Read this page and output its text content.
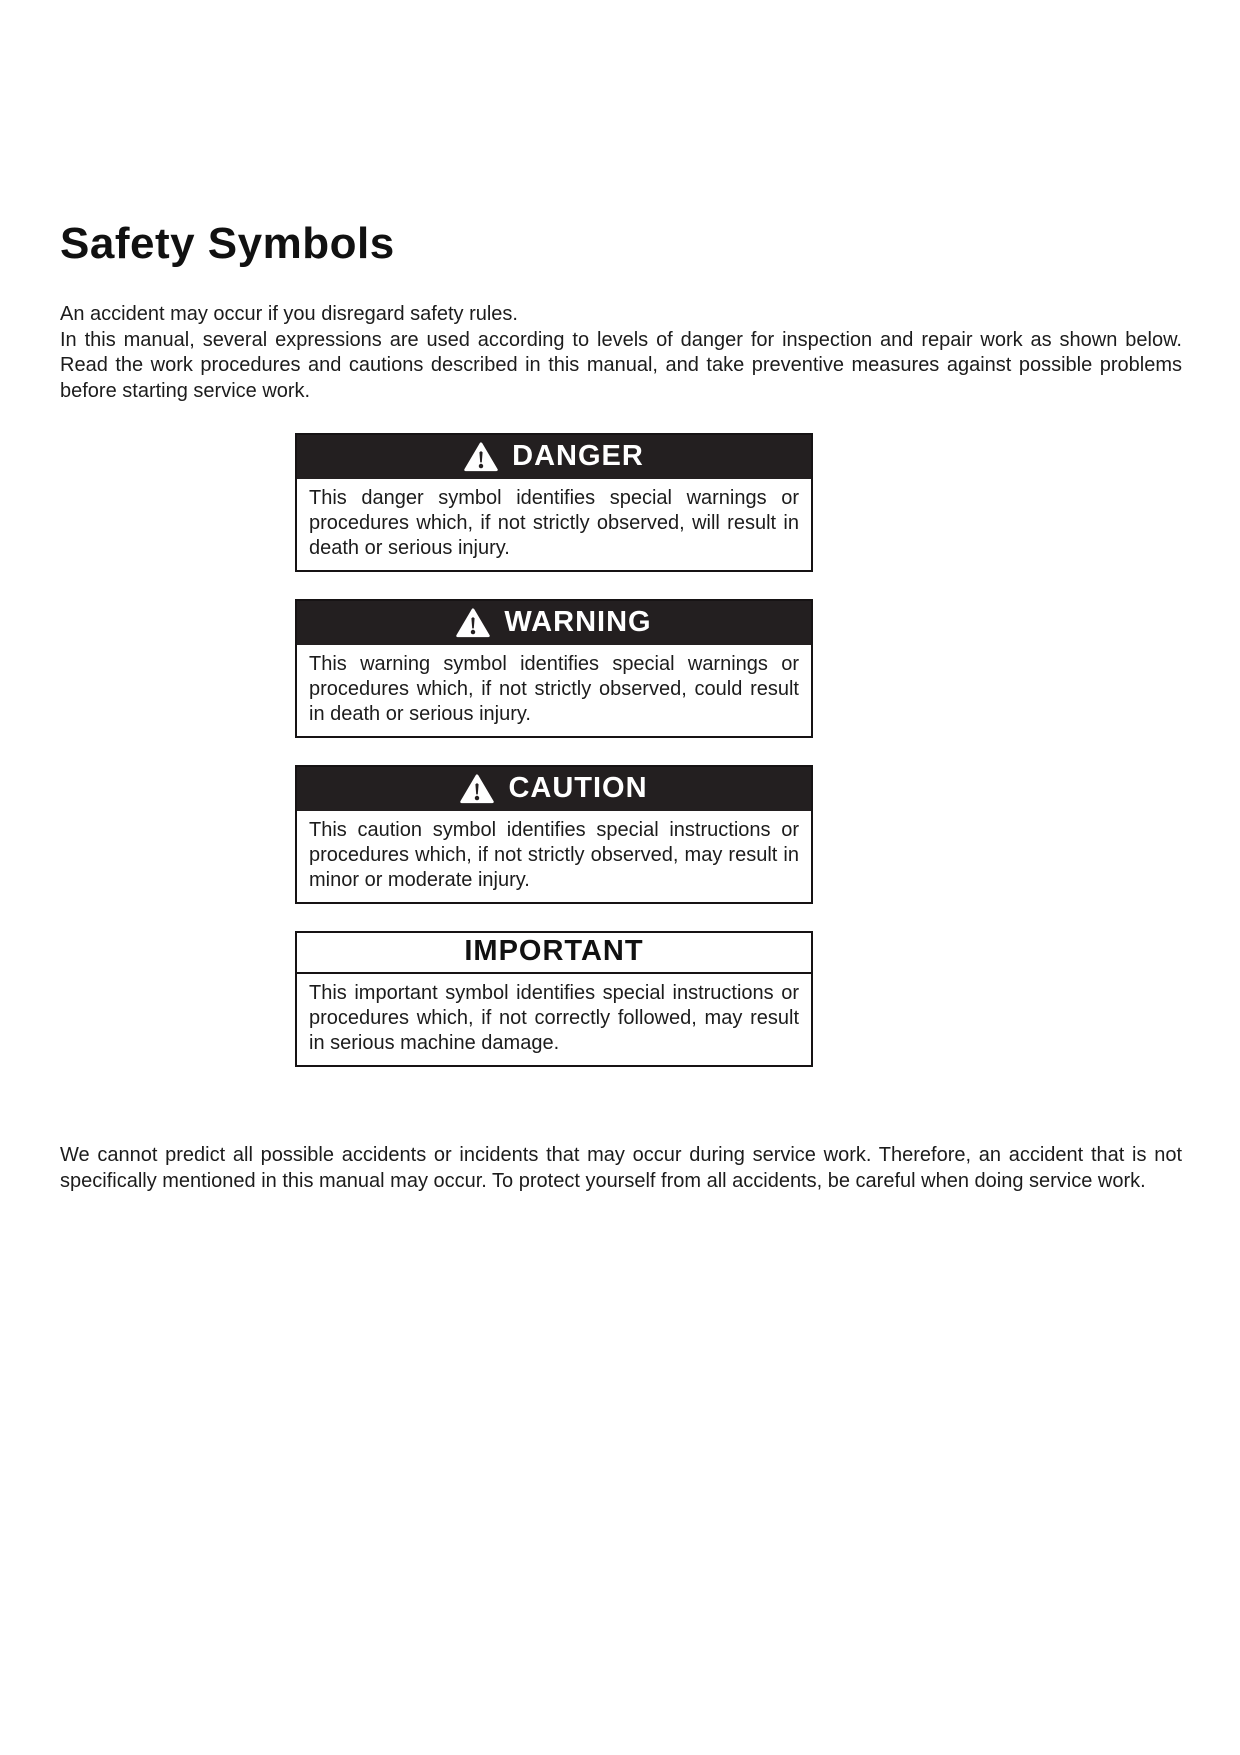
Safety Symbols

An accident may occur if you disregard safety rules.

In this manual, several expressions are used according to levels of danger for inspection and repair work as shown below. Read the work procedures and cautions described in this manual, and take preventive measures against possible problems before starting service work.

DANGER
This danger symbol identifies special warnings or procedures which, if not strictly observed, will result in death or serious injury.
WARNING
This warning symbol identifies special warnings or procedures which, if not strictly observed, could result in death or serious injury.
CAUTION
This caution symbol identifies special instructions or procedures which, if not strictly observed, may result in minor or moderate injury.
IMPORTANT
This important symbol identifies special instructions or procedures which, if not correctly followed, may result in serious machine damage.

We cannot predict all possible accidents or incidents that may occur during service work. Therefore, an accident that is not specifically mentioned in this manual may occur. To protect yourself from all accidents, be careful when doing service work.
